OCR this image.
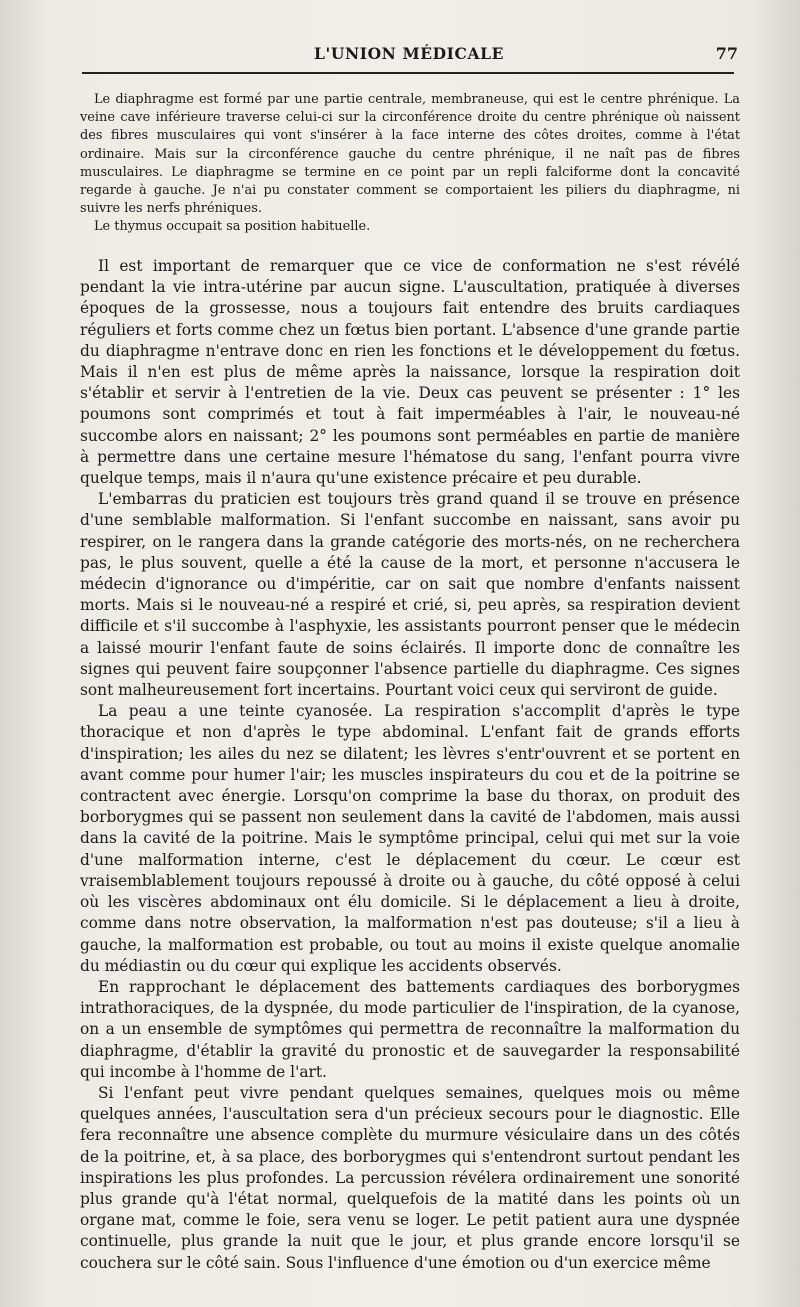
L'UNION MÉDICALE	77

Le diaphragme est formé par une partie centrale, membraneuse, qui est le centre phrénique. La veine cave inférieure traverse celui-ci sur la circonférence droite du centre phrénique où naissent des fibres musculaires qui vont s'insérer à la face interne des côtes droites, comme à l'état ordinaire. Mais sur la circonférence gauche du centre phrénique, il ne naît pas de fibres musculaires. Le diaphragme se termine en ce point par un repli falciforme dont la concavité regarde à gauche. Je n'ai pu constater comment se comportaient les piliers du diaphragme, ni suivre les nerfs phréniques.

Le thymus occupait sa position habituelle.

Il est important de remarquer que ce vice de conformation ne s'est révélé pendant la vie intra-utérine par aucun signe. L'auscultation, pratiquée à diverses époques de la grossesse, nous a toujours fait entendre des bruits cardiaques réguliers et forts comme chez un fœtus bien portant. L'absence d'une grande partie du diaphragme n'entrave donc en rien les fonctions et le développement du fœtus. Mais il n'en est plus de même après la naissance, lorsque la respiration doit s'établir et servir à l'entretien de la vie. Deux cas peuvent se présenter : 1° les poumons sont comprimés et tout à fait imperméables à l'air, le nouveau-né succombe alors en naissant; 2° les poumons sont perméables en partie de manière à permettre dans une certaine mesure l'hématose du sang, l'enfant pourra vivre quelque temps, mais il n'aura qu'une existence précaire et peu durable.

L'embarras du praticien est toujours très grand quand il se trouve en présence d'une semblable malformation. Si l'enfant succombe en naissant, sans avoir pu respirer, on le rangera dans la grande catégorie des morts-nés, on ne recherchera pas, le plus souvent, quelle a été la cause de la mort, et personne n'accusera le médecin d'ignorance ou d'impéritie, car on sait que nombre d'enfants naissent morts. Mais si le nouveau-né a respiré et crié, si, peu après, sa respiration devient difficile et s'il succombe à l'asphyxie, les assistants pourront penser que le médecin a laissé mourir l'enfant faute de soins éclairés. Il importe donc de connaître les signes qui peuvent faire soupçonner l'absence partielle du diaphragme. Ces signes sont malheureusement fort incertains. Pourtant voici ceux qui serviront de guide.

La peau a une teinte cyanosée. La respiration s'accomplit d'après le type thoracique et non d'après le type abdominal. L'enfant fait de grands efforts d'inspiration; les ailes du nez se dilatent; les lèvres s'entr'ouvrent et se portent en avant comme pour humer l'air; les muscles inspirateurs du cou et de la poitrine se contractent avec énergie. Lorsqu'on comprime la base du thorax, on produit des borborygmes qui se passent non seulement dans la cavité de l'abdomen, mais aussi dans la cavité de la poitrine. Mais le symptôme principal, celui qui met sur la voie d'une malformation interne, c'est le déplacement du cœur. Le cœur est vraisemblablement toujours repoussé à droite ou à gauche, du côté opposé à celui où les viscères abdominaux ont élu domicile. Si le déplacement a lieu à droite, comme dans notre observation, la malformation n'est pas douteuse; s'il a lieu à gauche, la malformation est probable, ou tout au moins il existe quelque anomalie du médiastin ou du cœur qui explique les accidents observés.

En rapprochant le déplacement des battements cardiaques des borborygmes intrathoraciques, de la dyspnée, du mode particulier de l'inspiration, de la cyanose, on a un ensemble de symptômes qui permettra de reconnaître la malformation du diaphragme, d'établir la gravité du pronostic et de sauvegarder la responsabilité qui incombe à l'homme de l'art.

Si l'enfant peut vivre pendant quelques semaines, quelques mois ou même quelques années, l'auscultation sera d'un précieux secours pour le diagnostic. Elle fera reconnaître une absence complète du murmure vésiculaire dans un des côtés de la poitrine, et, à sa place, des borborygmes qui s'entendront surtout pendant les inspirations les plus profondes. La percussion révélera ordinairement une sonorité plus grande qu'à l'état normal, quelquefois de la matité dans les points où un organe mat, comme le foie, sera venu se loger. Le petit patient aura une dyspnée continuelle, plus grande la nuit que le jour, et plus grande encore lorsqu'il se couchera sur le côté sain. Sous l'influence d'une émotion ou d'un exercice même
